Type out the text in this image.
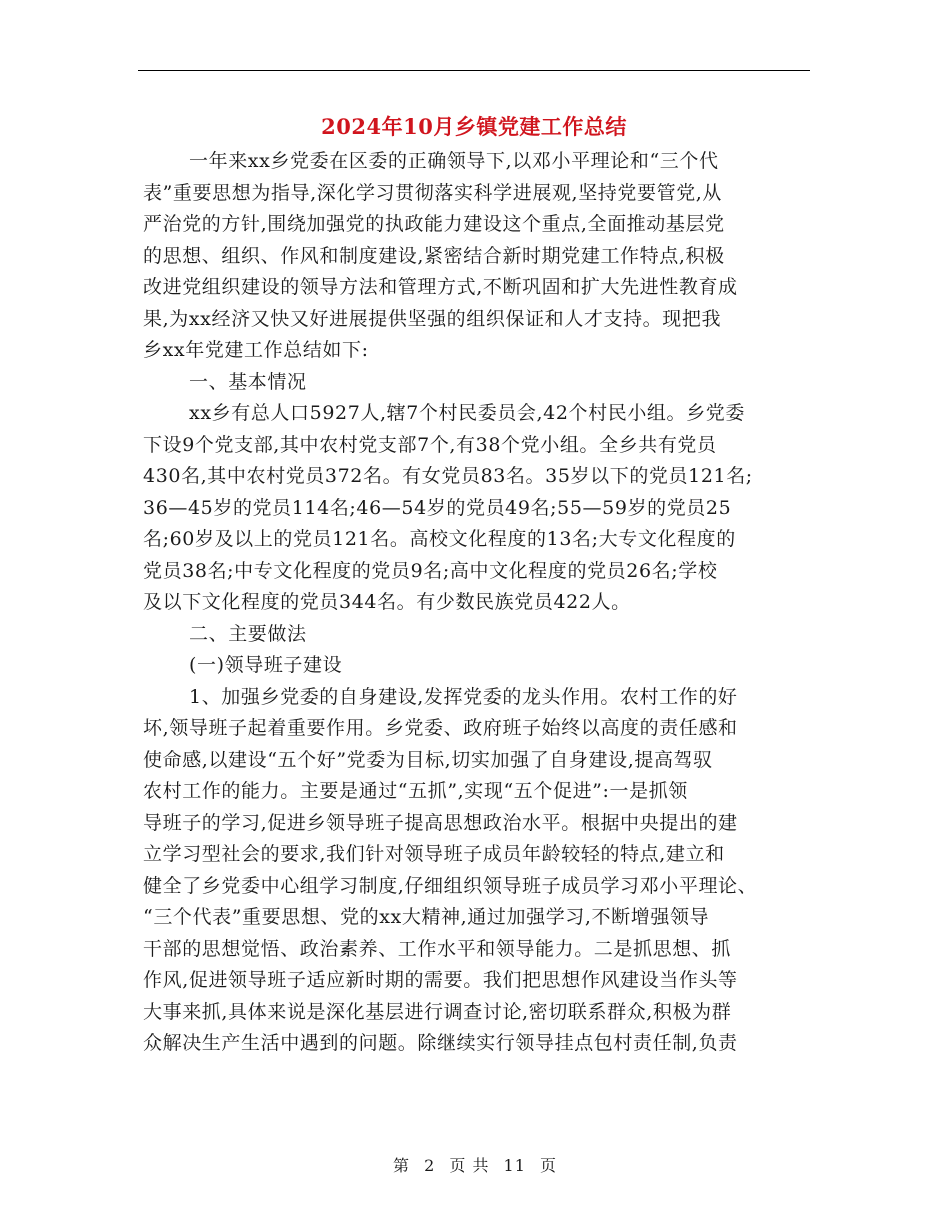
2024年10月乡镇党建工作总结
一年来xx乡党委在区委的正确领导下,以邓小平理论和“三个代
表”重要思想为指导,深化学习贯彻落实科学进展观,坚持党要管党,从
严治党的方针,围绕加强党的执政能力建设这个重点,全面推动基层党
的思想、组织、作风和制度建设,紧密结合新时期党建工作特点,积极
改进党组织建设的领导方法和管理方式,不断巩固和扩大先进性教育成
果,为xx经济又快又好进展提供坚强的组织保证和人才支持。现把我
乡xx年党建工作总结如下:
一、基本情况
xx乡有总人口5927人,辖7个村民委员会,42个村民小组。乡党委
下设9个党支部,其中农村党支部7个,有38个党小组。全乡共有党员
430名,其中农村党员372名。有女党员83名。35岁以下的党员121名;
36—45岁的党员114名;46—54岁的党员49名;55—59岁的党员25
名;60岁及以上的党员121名。高校文化程度的13名;大专文化程度的
党员38名;中专文化程度的党员9名;高中文化程度的党员26名;学校
及以下文化程度的党员344名。有少数民族党员422人。
二、主要做法
(一)领导班子建设
1、加强乡党委的自身建设,发挥党委的龙头作用。农村工作的好
坏,领导班子起着重要作用。乡党委、政府班子始终以高度的责任感和
使命感,以建设“五个好”党委为目标,切实加强了自身建设,提高驾驭
农村工作的能力。主要是通过“五抓”,实现“五个促进”:一是抓领
导班子的学习,促进乡领导班子提高思想政治水平。根据中央提出的建
立学习型社会的要求,我们针对领导班子成员年龄较轻的特点,建立和
健全了乡党委中心组学习制度,仔细组织领导班子成员学习邓小平理论、
“三个代表”重要思想、党的xx大精神,通过加强学习,不断增强领导
干部的思想觉悟、政治素养、工作水平和领导能力。二是抓思想、抓
作风,促进领导班子适应新时期的需要。我们把思想作风建设当作头等
大事来抓,具体来说是深化基层进行调查讨论,密切联系群众,积极为群
众解决生产生活中遇到的问题。除继续实行领导挂点包村责任制,负责
第 2 页 共 11 页
